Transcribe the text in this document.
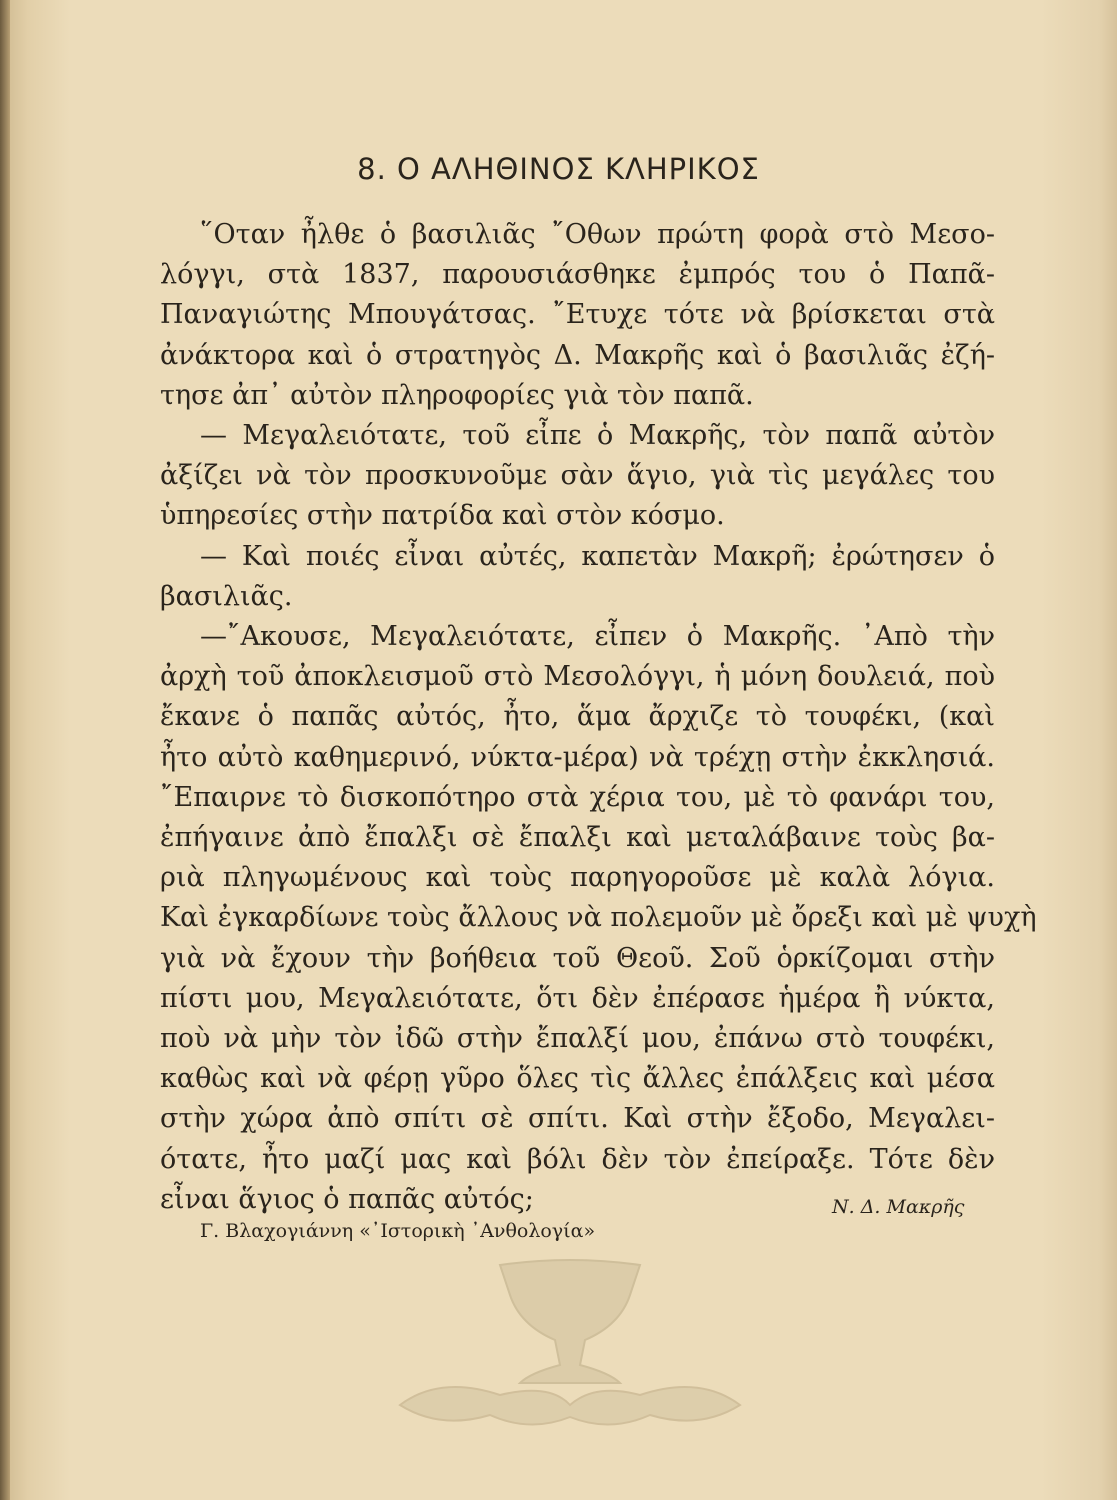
8. Ο ΑΛΗΘΙΝΟΣ ΚΛΗΡΙΚΟΣ
῞Οταν ἦλθε ὁ βασιλιᾶς ῎Οθων πρώτη φορὰ στὸ Μεσο-
λόγγι, στὰ 1837, παρουσιάσθηκε ἐμπρός του ὁ Παπᾶ-
Παναγιώτης Μπουγάτσας. ῎Ετυχε τότε νὰ βρίσκεται στὰ
ἀνάκτορα καὶ ὁ στρατηγὸς Δ. Μακρῆς καὶ ὁ βασιλιᾶς ἐζή-
τησε ἀπ᾿ αὐτὸν πληροφορίες γιὰ τὸν παπᾶ.
— Μεγαλειότατε, τοῦ εἶπε ὁ Μακρῆς, τὸν παπᾶ αὐτὸν
ἀξίζει νὰ τὸν προσκυνοῦμε σὰν ἅγιο, γιὰ τὶς μεγάλες του
ὑπηρεσίες στὴν πατρίδα καὶ στὸν κόσμο.
— Καὶ ποιές εἶναι αὐτές, καπετὰν Μακρῆ; ἐρώτησεν ὁ
βασιλιᾶς.
—῎Ακουσε, Μεγαλειότατε, εἶπεν ὁ Μακρῆς. ᾿Απὸ τὴν
ἀρχὴ τοῦ ἀποκλεισμοῦ στὸ Μεσολόγγι, ἡ μόνη δουλειά, ποὺ
ἔκανε ὁ παπᾶς αὐτός, ἦτο, ἅμα ἄρχιζε τὸ τουφέκι, (καὶ
ἦτο αὐτὸ καθημερινό, νύκτα-μέρα) νὰ τρέχῃ στὴν ἐκκλησιά.
῎Επαιρνε τὸ δισκοπότηρο στὰ χέρια του, μὲ τὸ φανάρι του,
ἐπήγαινε ἀπὸ ἔπαλξι σὲ ἔπαλξι καὶ μεταλάβαινε τοὺς βα-
ριὰ πληγωμένους καὶ τοὺς παρηγοροῦσε μὲ καλὰ λόγια.
Καὶ ἐγκαρδίωνε τοὺς ἄλλους νὰ πολεμοῦν μὲ ὄρεξι καὶ μὲ ψυχὴ
γιὰ νὰ ἔχουν τὴν βοήθεια τοῦ Θεοῦ. Σοῦ ὁρκίζομαι στὴν
πίστι μου, Μεγαλειότατε, ὅτι δὲν ἐπέρασε ἡμέρα ἢ νύκτα,
ποὺ νὰ μὴν τὸν ἰδῶ στὴν ἔπαλξί μου, ἐπάνω στὸ τουφέκι,
καθὼς καὶ νὰ φέρῃ γῦρο ὅλες τὶς ἄλλες ἐπάλξεις καὶ μέσα
στὴν χώρα ἀπὸ σπίτι σὲ σπίτι. Καὶ στὴν ἔξοδο, Μεγαλει-
ότατε, ἦτο μαζί μας καὶ βόλι δὲν τὸν ἐπείραξε. Τότε δὲν
εἶναι ἅγιος ὁ παπᾶς αὐτός;	Ν. Δ. Μακρῆς
Γ. Βλαχογιάννη «᾿Ιστορικὴ ᾿Ανθολογία»
